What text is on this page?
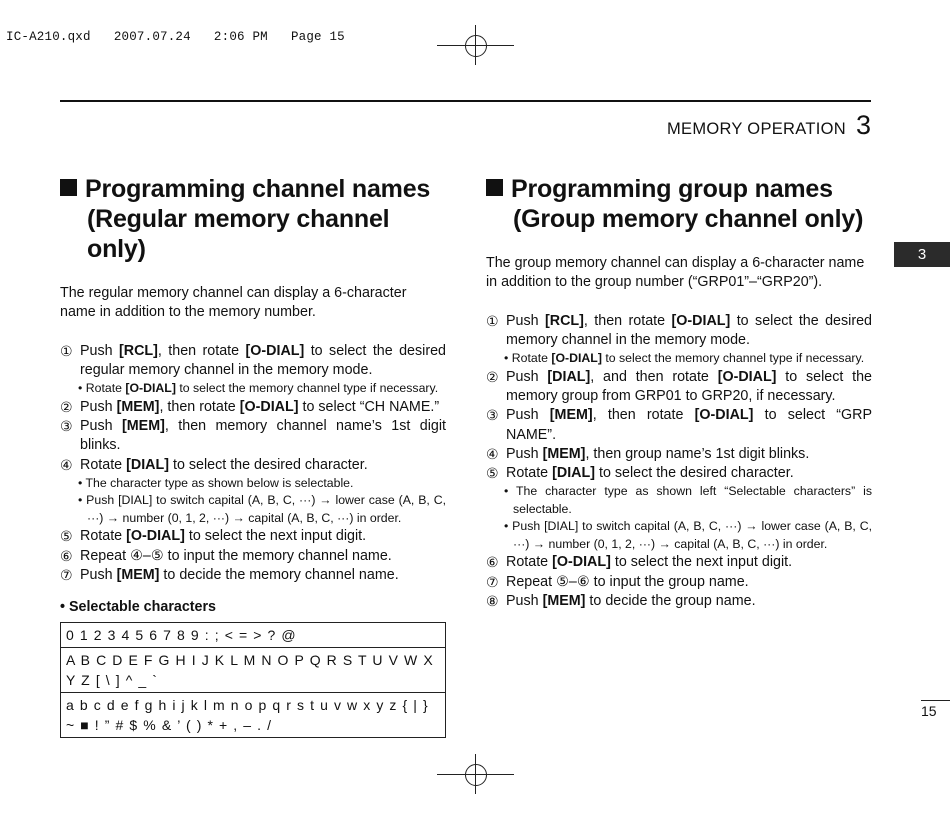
IC-A210.qxd   2007.07.24   2:06 PM   Page 15
MEMORY OPERATION 3
3
15
Programming channel names
(Regular memory channel only)
The regular memory channel can display a 6-character name in addition to the memory number.
① Push [RCL], then rotate [O-DIAL] to select the desired regular memory channel in the memory mode.
• Rotate [O-DIAL] to select the memory channel type if necessary.
② Push [MEM], then rotate [O-DIAL] to select “CH NAME.”
③ Push [MEM], then memory channel name’s 1st digit blinks.
④ Rotate [DIAL] to select the desired character.
• The character type as shown below is selectable.
• Push [DIAL] to switch capital (A, B, C, ···) → lower case (A, B, C, ···) → number (0, 1, 2, ···) → capital (A, B, C, ···) in order.
⑤ Rotate [O-DIAL] to select the next input digit.
⑥ Repeat ④–⑤ to input the memory channel name.
⑦ Push [MEM] to decide the memory channel name.
• Selectable characters
0 1 2 3 4 5 6 7 8 9 : ; < = > ? @
A B C D E F G H I J K L M N O P Q R S T U V W X Y Z [ \ ] ^ _ `
a b c d e f g h i j k l m n o p q r s t u v w x y z { | } ~ ■ ! ” # $ % & ’ ( ) * + , – . /
Programming group names
(Group memory channel only)
The group memory channel can display a 6-character name in addition to the group number (“GRP01”–“GRP20”).
① Push [RCL], then rotate [O-DIAL] to select the desired memory channel in the memory mode.
• Rotate [O-DIAL] to select the memory channel type if necessary.
② Push [DIAL], and then rotate [O-DIAL] to select the memory group from GRP01 to GRP20, if necessary.
③ Push [MEM], then rotate [O-DIAL] to select “GRP NAME”.
④ Push [MEM], then group name’s 1st digit blinks.
⑤ Rotate [DIAL] to select the desired character.
• The character type as shown left “Selectable characters” is selectable.
• Push [DIAL] to switch capital (A, B, C, ···) → lower case (A, B, C, ···) → number (0, 1, 2, ···) → capital (A, B, C, ···) in order.
⑥ Rotate [O-DIAL] to select the next input digit.
⑦ Repeat ⑤–⑥ to input the group name.
⑧ Push [MEM] to decide the group name.
